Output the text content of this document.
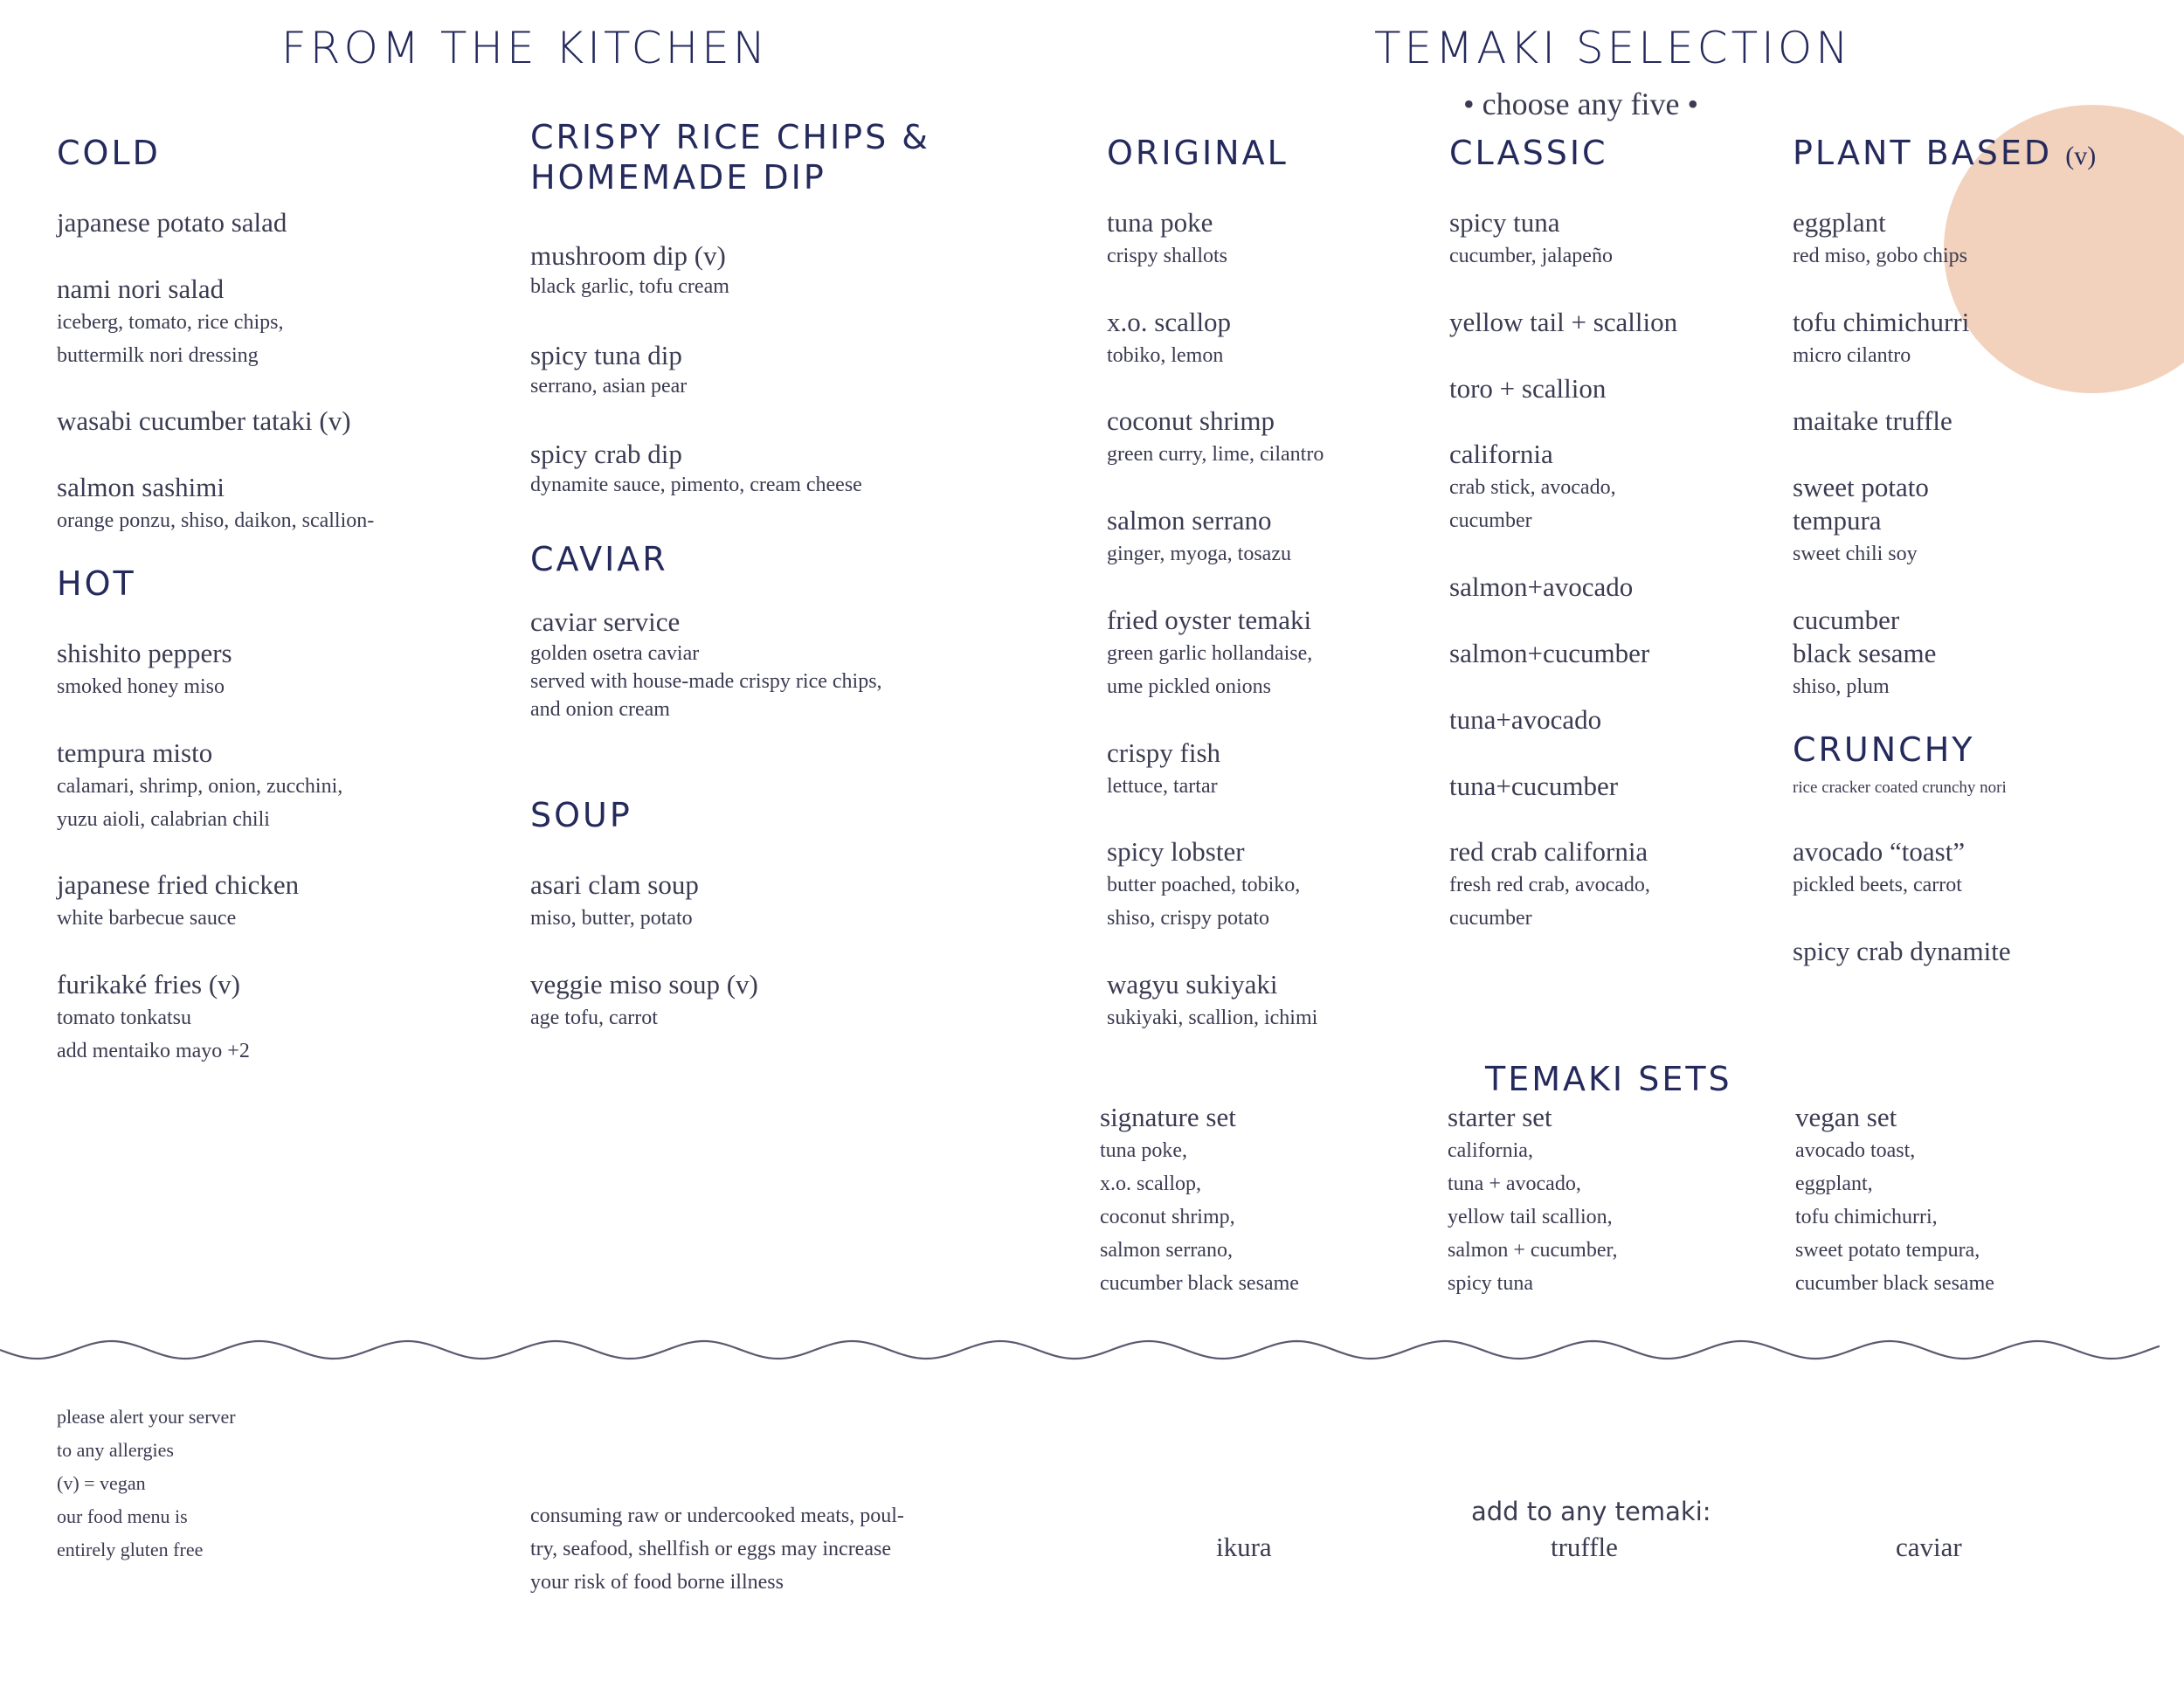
FROM THE KITCHEN	TEMAKI SELECTION
• choose any five •
COLD
japanese potato salad
nami nori salad
iceberg, tomato, rice chips,
buttermilk nori dressing
wasabi cucumber tataki (v)
salmon sashimi
orange ponzu, shiso, daikon, scallion-
HOT
shishito peppers
smoked honey miso
tempura misto
calamari, shrimp, onion, zucchini,
yuzu aioli, calabrian chili
japanese fried chicken
white barbecue sauce
furikaké fries (v)
tomato tonkatsu
add mentaiko mayo +2
CRISPY RICE CHIPS &
HOMEMADE DIP
mushroom dip (v)
black garlic, tofu cream
spicy tuna dip
serrano, asian pear
spicy crab dip
dynamite sauce, pimento, cream cheese
CAVIAR
caviar service
golden osetra caviar
served with house-made crispy rice chips,
and onion cream
SOUP
asari clam soup
miso, butter, potato
veggie miso soup (v)
age tofu, carrot
ORIGINAL
tuna poke
crispy shallots
x.o. scallop
tobiko, lemon
coconut shrimp
green curry, lime, cilantro
salmon serrano
ginger, myoga, tosazu
fried oyster temaki
green garlic hollandaise,
ume pickled onions
crispy fish
lettuce, tartar
spicy lobster
butter poached, tobiko,
shiso, crispy potato
wagyu sukiyaki
sukiyaki, scallion, ichimi
CLASSIC
spicy tuna
cucumber, jalapeño
yellow tail + scallion
toro + scallion
california
crab stick, avocado,
cucumber
salmon+avocado
salmon+cucumber
tuna+avocado
tuna+cucumber
red crab california
fresh red crab, avocado,
cucumber
PLANT BASED (v)
eggplant
red miso, gobo chips
tofu chimichurri
micro cilantro
maitake truffle
sweet potato
tempura
sweet chili soy
cucumber
black sesame
shiso, plum
CRUNCHY
rice cracker coated crunchy nori
avocado “toast”
pickled beets, carrot
spicy crab dynamite
TEMAKI SETS
signature set
tuna poke,
x.o. scallop,
coconut shrimp,
salmon serrano,
cucumber black sesame
starter set
california,
tuna + avocado,
yellow tail scallion,
salmon + cucumber,
spicy tuna
vegan set
avocado toast,
eggplant,
tofu chimichurri,
sweet potato tempura,
cucumber black sesame
please alert your server
to any allergies
(v) = vegan
our food menu is
entirely gluten free
consuming raw or undercooked meats, poul-
try, seafood, shellfish or eggs may increase
your risk of food borne illness
add to any temaki:
ikura	truffle	caviar
